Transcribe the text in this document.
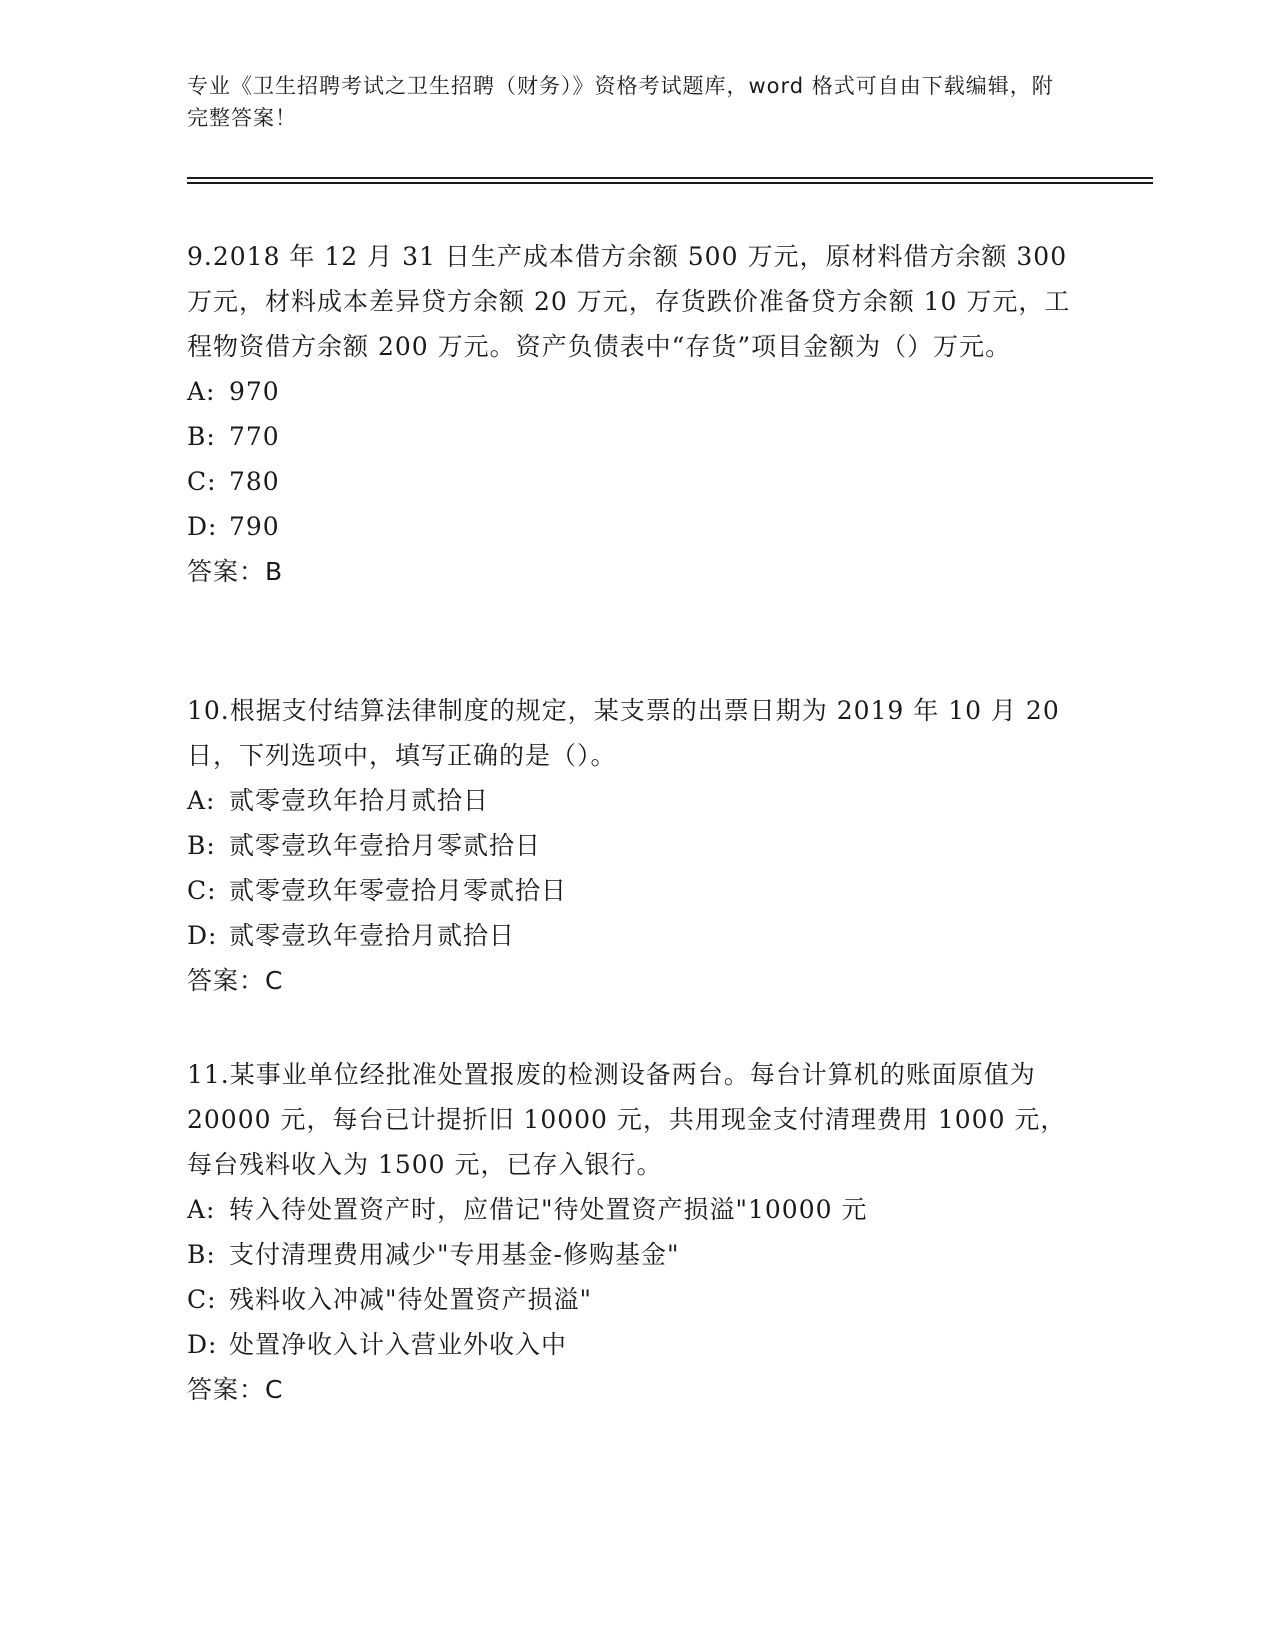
专业《卫生招聘考试之卫生招聘（财务）》资格考试题库，word 格式可自由下载编辑，附完整答案！
9.2018 年 12 月 31 日生产成本借方余额 500 万元，原材料借方余额 300 万元，材料成本差异贷方余额 20 万元，存货跌价准备贷方余额 10 万元，工程物资借方余额 200 万元。资产负债表中“存货”项目金额为（）万元。
A: 970
B: 770
C: 780
D: 790
答案：B
10.根据支付结算法律制度的规定，某支票的出票日期为 2019 年 10 月 20 日，下列选项中，填写正确的是（）。
A: 贰零壹玖年拾月贰拾日
B: 贰零壹玖年壹拾月零贰拾日
C: 贰零壹玖年零壹拾月零贰拾日
D: 贰零壹玖年壹拾月贰拾日
答案：C
11.某事业单位经批准处置报废的检测设备两台。每台计算机的账面原值为 20000 元，每台已计提折旧 10000 元，共用现金支付清理费用 1000 元，每台残料收入为 1500 元，已存入银行。
A: 转入待处置资产时，应借记"待处置资产损溢"10000 元
B: 支付清理费用减少"专用基金-修购基金"
C: 残料收入冲减"待处置资产损溢"
D: 处置净收入计入营业外收入中
答案：C
